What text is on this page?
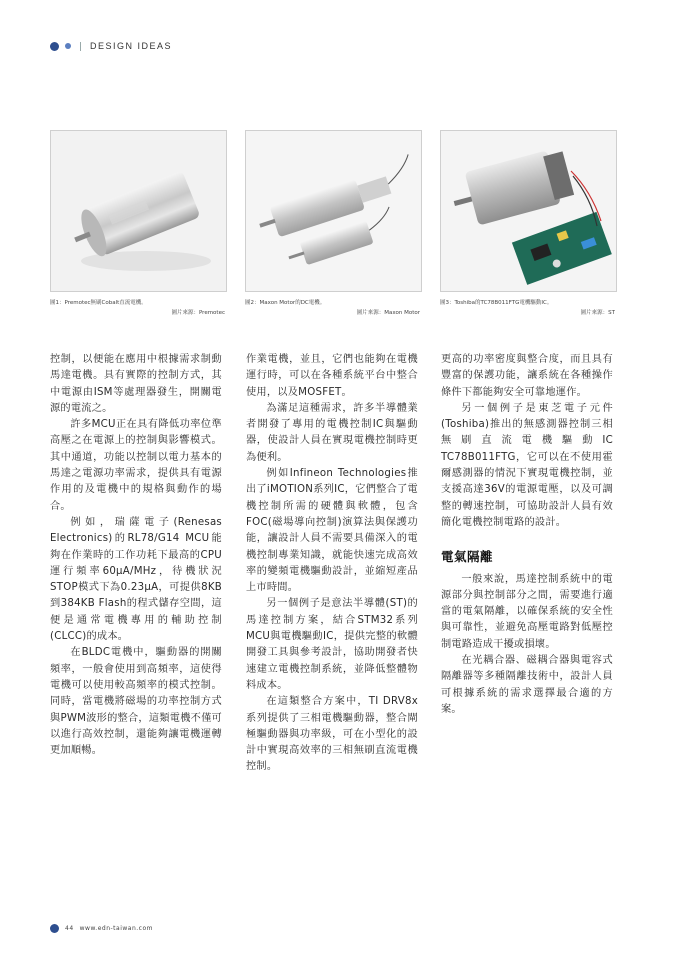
DESIGN IDEAS
圖1：Premotec無刷Cobalt直流電機。
圖片來源：Premotec
圖2：Maxon Motor的DC電機。
圖片來源：Maxon Motor
圖3：Toshiba的TC78B011FTG電機驅動IC。
圖片來源：ST

控制，以便能在應用中根據需求制動馬達電機。具有實際的控制方式，其中電源由ISM等處理器發生，開關電源的電流之。

許多MCU正在具有降低功率位準高壓之在電源上的控制與影響模式。其中通道，功能以控制以電力基本的馬達之電源功率需求，提供具有電源作用的及電機中的規格與動作的場合。

例如，瑞薩電子(Renesas Electronics)的RL78/G14 MCU能夠在作業時的工作功耗下最高的CPU運行頻率60μA/MHz，待機狀況STOP模式下為0.23μA，可提供8KB到384KB Flash的程式儲存空間，這便是通常電機專用的輔助控制(CLCC)的成本。

在BLDC電機中，驅動器的開關頻率，一般會使用到高頻率，這使得電機可以使用較高頻率的模式控制。同時，當電機將磁場的功率控制方式與PWM波形的整合，這類電機不僅可以進行高效控制，還能夠讓電機運轉更加順暢。

作業電機，並且，它們也能夠在電機運行時，可以在各種系統平台中整合使用，以及MOSFET。

為滿足這種需求，許多半導體業者開發了專用的電機控制IC與驅動器，使設計人員在實現電機控制時更為便利。

例如Infineon Technologies推出了iMOTION系列IC，它們整合了電機控制所需的硬體與軟體，包含FOC(磁場導向控制)演算法與保護功能，讓設計人員不需要具備深入的電機控制專業知識，就能快速完成高效率的變頻電機驅動設計，並縮短產品上市時間。

另一個例子是意法半導體(ST)的馬達控制方案，結合STM32系列MCU與電機驅動IC，提供完整的軟體開發工具與參考設計，協助開發者快速建立電機控制系統，並降低整體物料成本。

在這類整合方案中，TI DRV8x系列提供了三相電機驅動器，整合閘極驅動器與功率級，可在小型化的設計中實現高效率的三相無刷直流電機控制。

更高的功率密度與整合度，而且具有豐富的保護功能，讓系統在各種操作條件下都能夠安全可靠地運作。

另一個例子是東芝電子元件(Toshiba)推出的無感測器控制三相無刷直流電機驅動IC TC78B011FTG，它可以在不使用霍爾感測器的情況下實現電機控制，並支援高達36V的電源電壓，以及可調整的轉速控制，可協助設計人員有效簡化電機控制電路的設計。

電氣隔離

一般來說，馬達控制系統中的電源部分與控制部分之間，需要進行適當的電氣隔離，以確保系統的安全性與可靠性，並避免高壓電路對低壓控制電路造成干擾或損壞。

在光耦合器、磁耦合器與電容式隔離器等多種隔離技術中，設計人員可根據系統的需求選擇最合適的方案。

44 www.edn-taiwan.com
